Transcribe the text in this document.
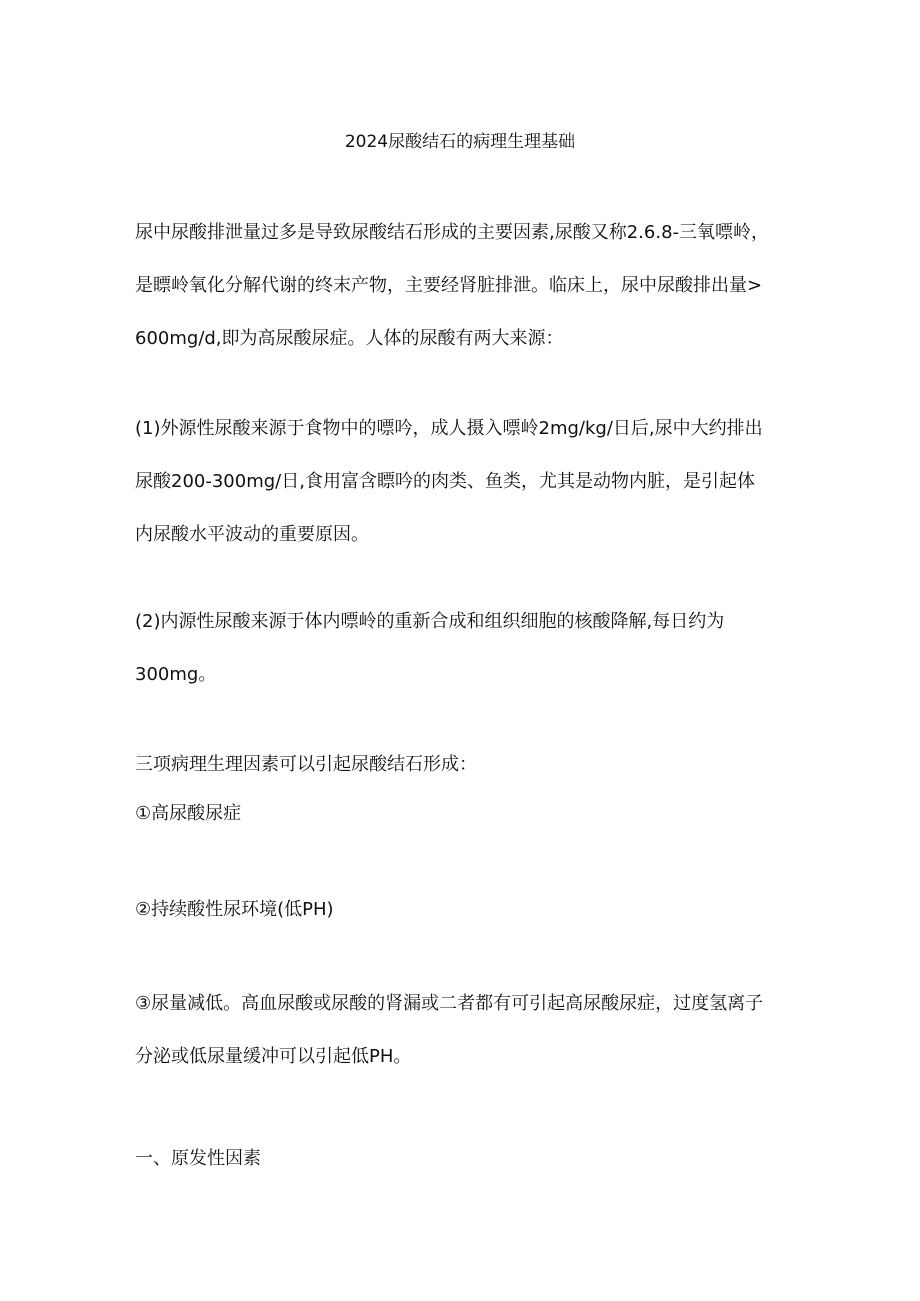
2024尿酸结石的病理生理基础

尿中尿酸排泄量过多是导致尿酸结石形成的主要因素,尿酸又称2.6.8-三氧嘌岭，
是瞟岭氧化分解代谢的终末产物，主要经肾脏排泄。临床上，尿中尿酸排出量>
600mg∕d,即为高尿酸尿症。人体的尿酸有两大来源：

(1)外源性尿酸来源于食物中的嘌吟，成人摄入嘌岭2mg∕kg∕日后,尿中大约排出
尿酸200-300mg/日,食用富含瞟吟的肉类、鱼类，尤其是动物内脏，是引起体
内尿酸水平波动的重要原因。

(2)内源性尿酸来源于体内嘌岭的重新合成和组织细胞的核酸降解,每日约为
300mg。

三项病理生理因素可以引起尿酸结石形成：

①高尿酸尿症

②持续酸性尿环境(低PH)

③尿量减低。高血尿酸或尿酸的肾漏或二者都有可引起高尿酸尿症，过度氢离子
分泌或低尿量缓冲可以引起低PH。

一、原发性因素
